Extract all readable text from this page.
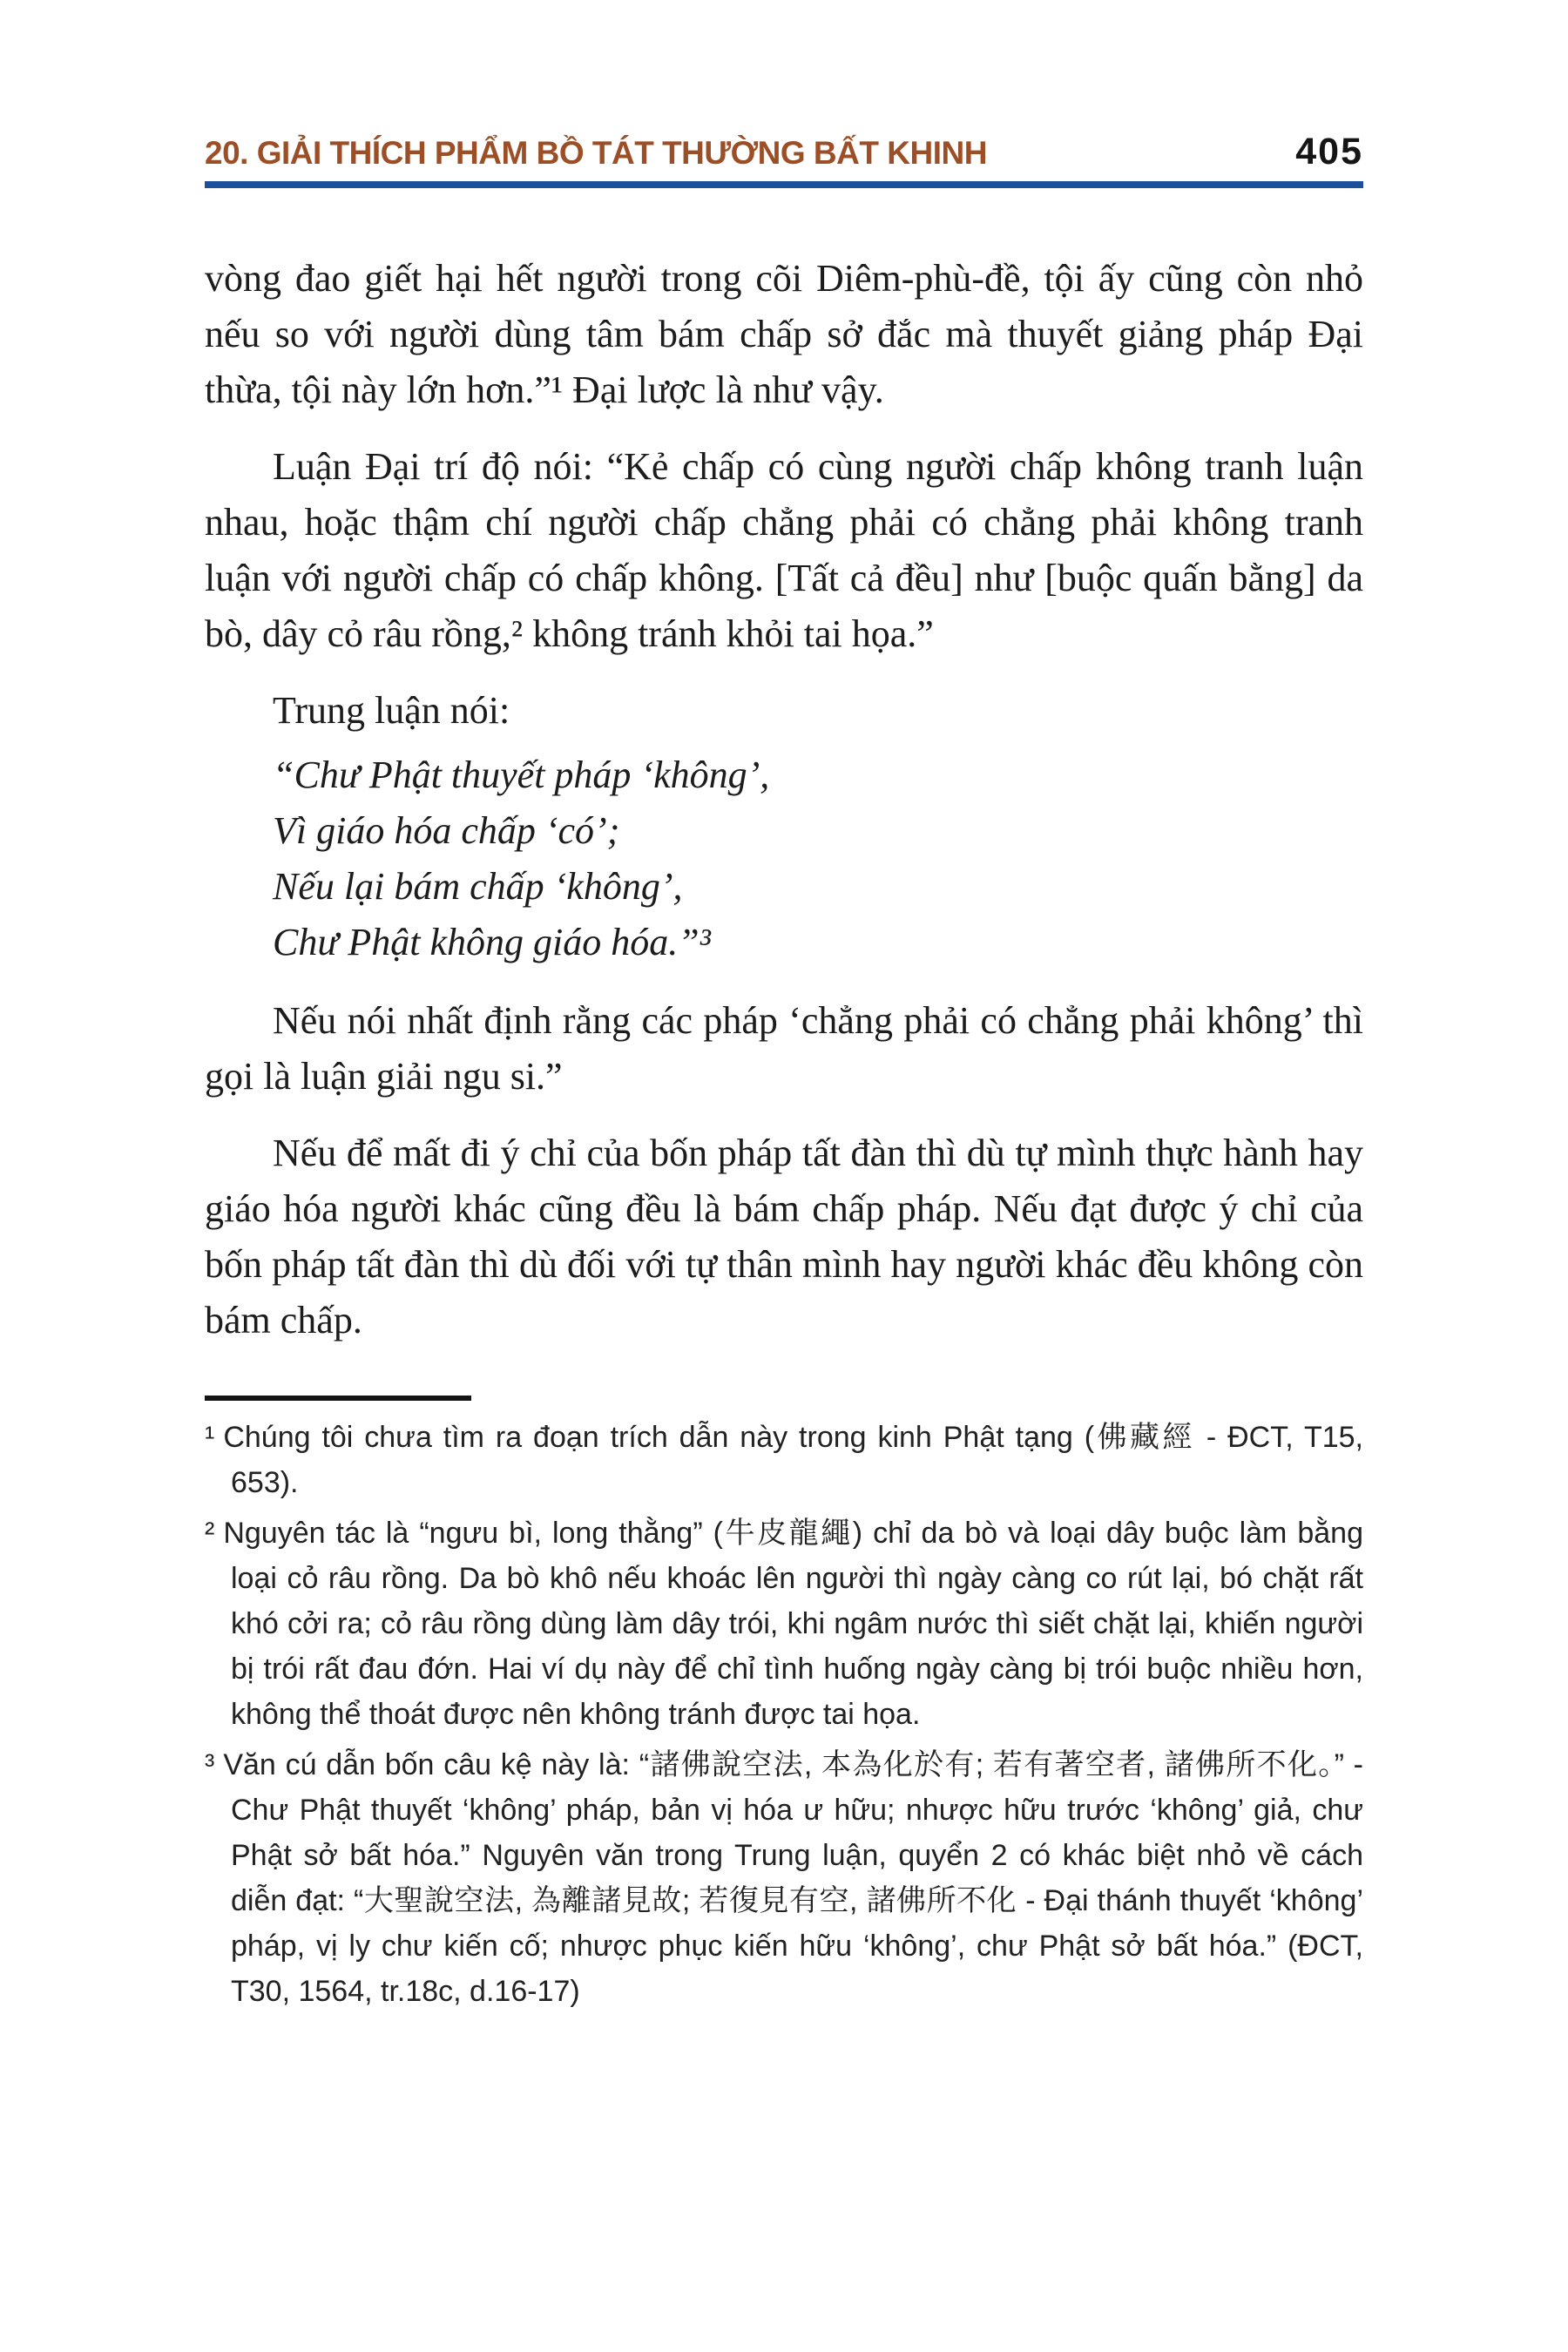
20. GIẢI THÍCH PHẨM BỒ TÁT THƯỜNG BẤT KHINH	405

vòng đao giết hại hết người trong cõi Diêm-phù-đề, tội ấy cũng còn nhỏ nếu so với người dùng tâm bám chấp sở đắc mà thuyết giảng pháp Đại thừa, tội này lớn hơn.”¹ Đại lược là như vậy.

Luận Đại trí độ nói: “Kẻ chấp có cùng người chấp không tranh luận nhau, hoặc thậm chí người chấp chẳng phải có chẳng phải không tranh luận với người chấp có chấp không. [Tất cả đều] như [buộc quấn bằng] da bò, dây cỏ râu rồng,² không tránh khỏi tai họa.”

Trung luận nói:

“Chư Phật thuyết pháp ‘không’,

Vì giáo hóa chấp ‘có’;

Nếu lại bám chấp ‘không’,

Chư Phật không giáo hóa.”³

Nếu nói nhất định rằng các pháp ‘chẳng phải có chẳng phải không’ thì gọi là luận giải ngu si.”

Nếu để mất đi ý chỉ của bốn pháp tất đàn thì dù tự mình thực hành hay giáo hóa người khác cũng đều là bám chấp pháp. Nếu đạt được ý chỉ của bốn pháp tất đàn thì dù đối với tự thân mình hay người khác đều không còn bám chấp.

¹ Chúng tôi chưa tìm ra đoạn trích dẫn này trong kinh Phật tạng (佛藏經 - ĐCT, T15, 653).

² Nguyên tác là “ngưu bì, long thằng” (牛皮龍繩) chỉ da bò và loại dây buộc làm bằng loại cỏ râu rồng. Da bò khô nếu khoác lên người thì ngày càng co rút lại, bó chặt rất khó cởi ra; cỏ râu rồng dùng làm dây trói, khi ngâm nước thì siết chặt lại, khiến người bị trói rất đau đớn. Hai ví dụ này để chỉ tình huống ngày càng bị trói buộc nhiều hơn, không thể thoát được nên không tránh được tai họa.

³ Văn cú dẫn bốn câu kệ này là: “諸佛說空法, 本為化於有; 若有著空者, 諸佛所不化。” - Chư Phật thuyết ‘không’ pháp, bản vị hóa ư hữu; nhược hữu trước ‘không’ giả, chư Phật sở bất hóa.” Nguyên văn trong Trung luận, quyển 2 có khác biệt nhỏ về cách diễn đạt: “大聖說空法, 為離諸見故; 若復見有空, 諸佛所不化 - Đại thánh thuyết ‘không’ pháp, vị ly chư kiến cố; nhược phục kiến hữu ‘không’, chư Phật sở bất hóa.” (ĐCT, T30, 1564, tr.18c, d.16-17)
